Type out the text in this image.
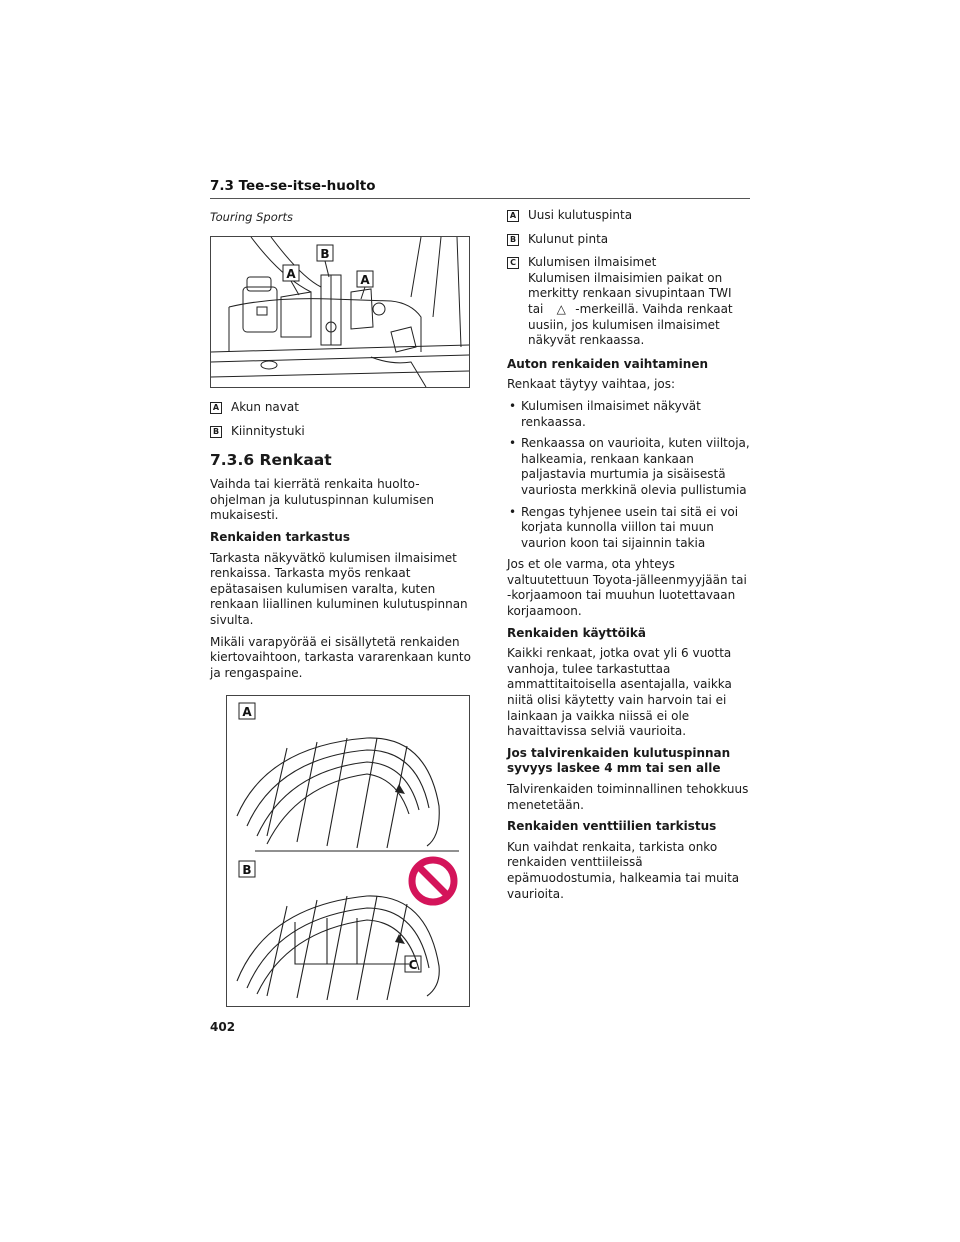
7.3 Tee-se-itse-huolto
Touring Sports
B
A	A
A Akun navat
B Kiinnitystuki
7.3.6 Renkaat

Vaihda tai kierrätä renkaita huolto-ohjelman ja kulutuspinnan kulumisen mukaisesti.

Renkaiden tarkastus

Tarkasta näkyvätkö kulumisen ilmaisimet renkaissa. Tarkasta myös renkaat epätasaisen kulumisen varalta, kuten renkaan liiallinen kuluminen kulutuspinnan sivulta.

Mikäli varapyörää ei sisällytetä renkaiden kiertovaihtoon, tarkasta vararenkaan kunto ja rengaspaine.

A
B
C
A Uusi kulutuspinta
B Kulunut pinta
C Kulumisen ilmaisimet
Kulumisen ilmaisimien paikat on merkitty renkaan sivupintaan TWI
tai △ -merkeillä. Vaihda renkaat uusiin, jos kulumisen ilmaisimet näkyvät renkaassa.
Auton renkaiden vaihtaminen

Renkaat täytyy vaihtaa, jos:

• Kulumisen ilmaisimet näkyvät renkaassa.
• Renkaassa on vaurioita, kuten viiltoja, halkeamia, renkaan kankaan paljastavia murtumia ja sisäisestä vauriosta merkkinä olevia pullistumia
• Rengas tyhjenee usein tai sitä ei voi korjata kunnolla viillon tai muun vaurion koon tai sijainnin takia

Jos et ole varma, ota yhteys valtuutettuun Toyota-jälleenmyyjään tai -korjaamoon tai muuhun luotettavaan korjaamoon.

Renkaiden käyttöikä

Kaikki renkaat, jotka ovat yli 6 vuotta vanhoja, tulee tarkastuttaa ammattitaitoisella asentajalla, vaikka niitä olisi käytetty vain harvoin tai ei lainkaan ja vaikka niissä ei ole havaittavissa selviä vaurioita.

Jos talvirenkaiden kulutuspinnan syvyys laskee 4 mm tai sen alle

Talvirenkaiden toiminnallinen tehokkuus menetetään.

Renkaiden venttiilien tarkistus

Kun vaihdat renkaita, tarkista onko renkaiden venttiileissä epämuodostumia, halkeamia tai muita vaurioita.

402
